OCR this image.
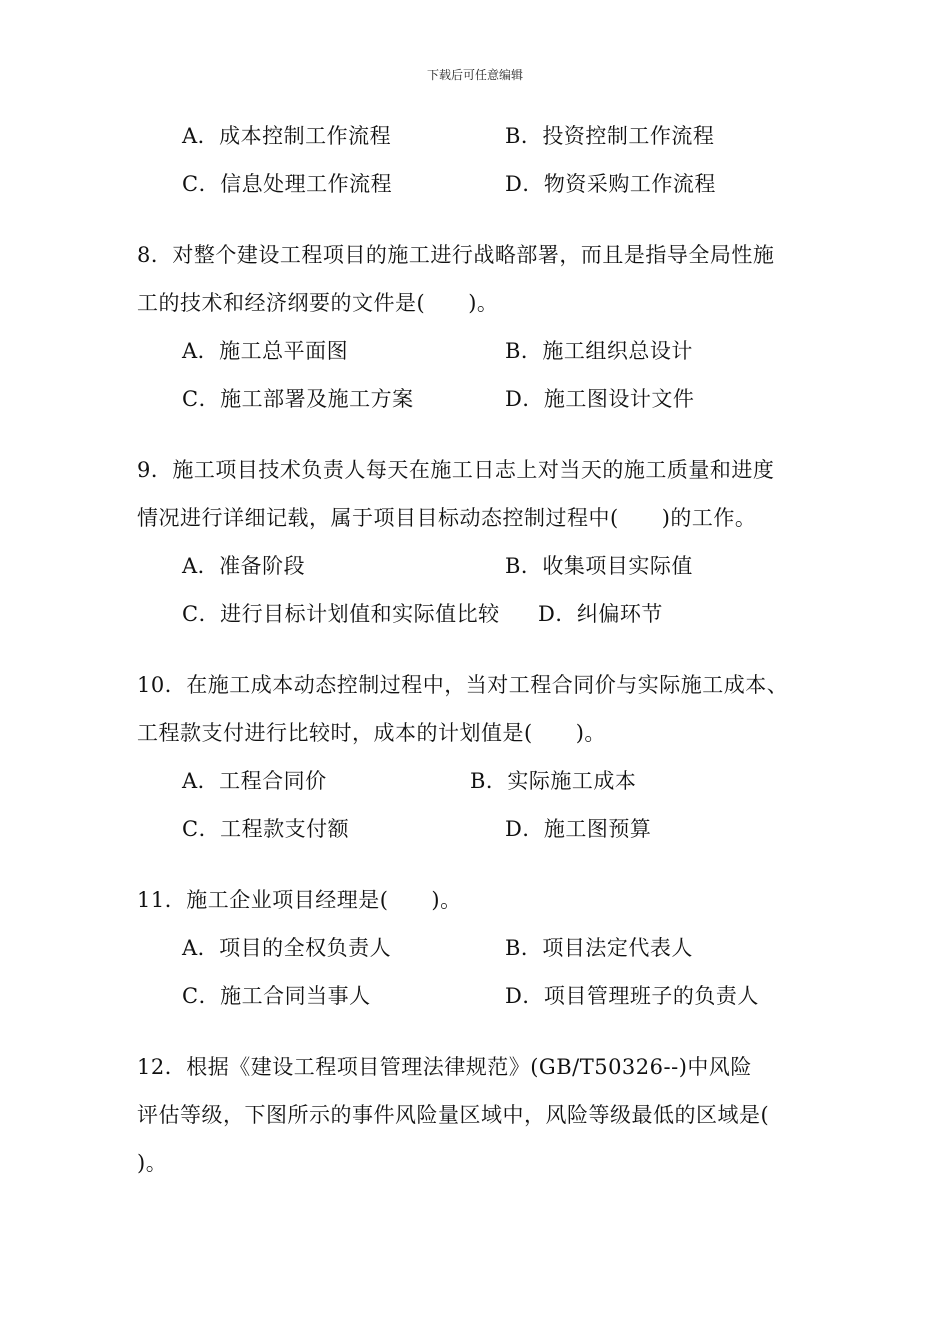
下载后可任意编辑
A．成本控制工作流程	B．投资控制工作流程
C．信息处理工作流程	D．物资采购工作流程
8．对整个建设工程项目的施工进行战略部署，而且是指导全局性施
工的技术和经济纲要的文件是(　　)。
A．施工总平面图	B．施工组织总设计
C．施工部署及施工方案	D．施工图设计文件
9．施工项目技术负责人每天在施工日志上对当天的施工质量和进度
情况进行详细记载，属于项目目标动态控制过程中(　　)的工作。
A．准备阶段	B．收集项目实际值
C．进行目标计划值和实际值比较 D．纠偏环节
10．在施工成本动态控制过程中，当对工程合同价与实际施工成本、
工程款支付进行比较时，成本的计划值是(　　)。
A．工程合同价	B．实际施工成本
C．工程款支付额	D．施工图预算
11．施工企业项目经理是(　　)。
A．项目的全权负责人	B．项目法定代表人
C．施工合同当事人	D．项目管理班子的负责人
12．根据《建设工程项目管理法律规范》(GB/T50326--)中风险
评估等级，下图所示的事件风险量区域中，风险等级最低的区域是(
)。
